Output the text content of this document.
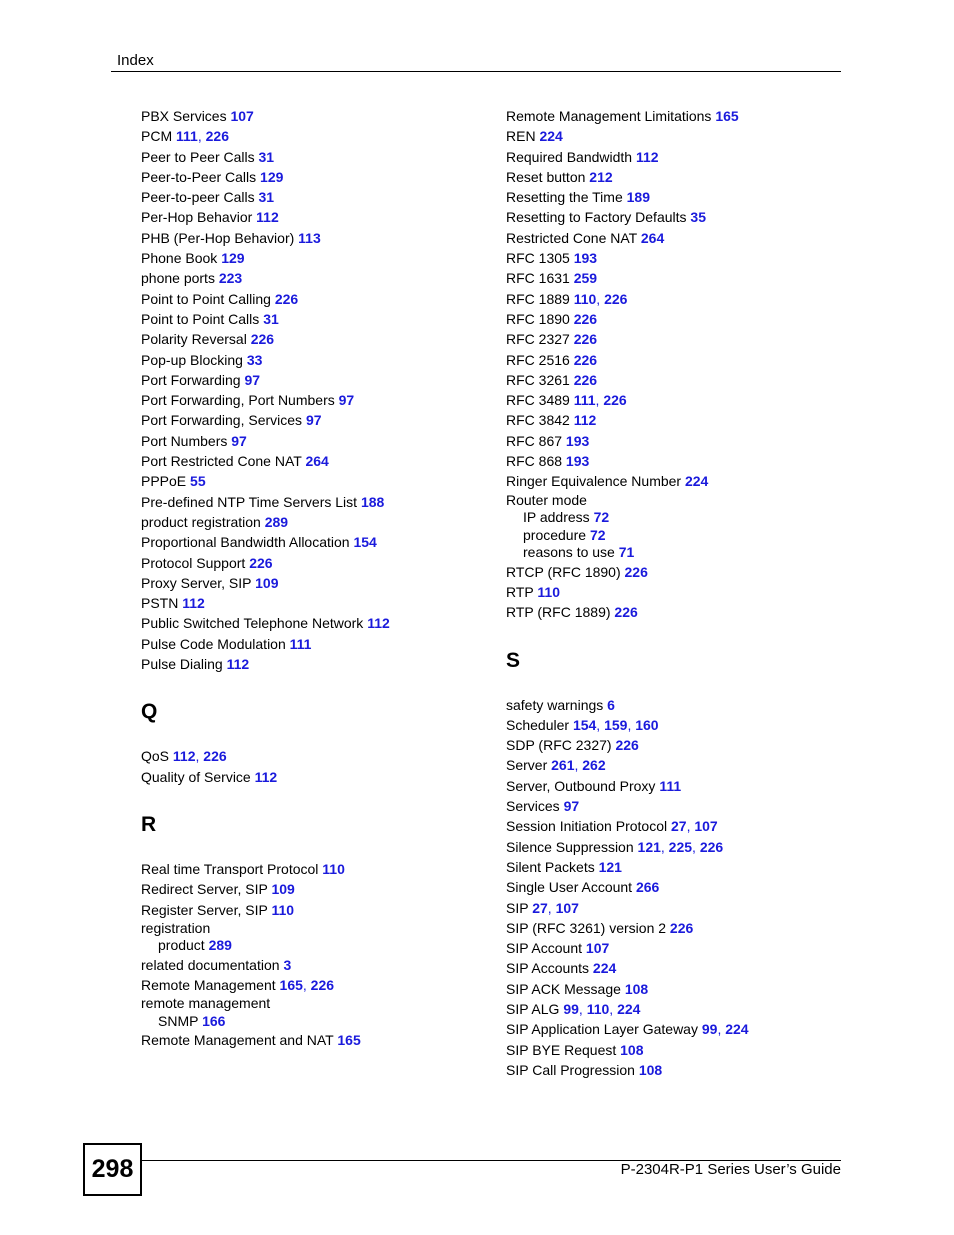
Index
PBX Services 107
PCM 111, 226
Peer to Peer Calls 31
Peer-to-Peer Calls 129
Peer-to-peer Calls 31
Per-Hop Behavior 112
PHB (Per-Hop Behavior) 113
Phone Book 129
phone ports 223
Point to Point Calling 226
Point to Point Calls 31
Polarity Reversal 226
Pop-up Blocking 33
Port Forwarding 97
Port Forwarding, Port Numbers 97
Port Forwarding, Services 97
Port Numbers 97
Port Restricted Cone NAT 264
PPPoE 55
Pre-defined NTP Time Servers List 188
product registration 289
Proportional Bandwidth Allocation 154
Protocol Support 226
Proxy Server, SIP 109
PSTN 112
Public Switched Telephone Network 112
Pulse Code Modulation 111
Pulse Dialing 112
Q
QoS 112, 226
Quality of Service 112
R
Real time Transport Protocol 110
Redirect Server, SIP 109
Register Server, SIP 110
registration
product 289
related documentation 3
Remote Management 165, 226
remote management
SNMP 166
Remote Management and NAT 165
Remote Management Limitations 165
REN 224
Required Bandwidth 112
Reset button 212
Resetting the Time 189
Resetting to Factory Defaults 35
Restricted Cone NAT 264
RFC 1305 193
RFC 1631 259
RFC 1889 110, 226
RFC 1890 226
RFC 2327 226
RFC 2516 226
RFC 3261 226
RFC 3489 111, 226
RFC 3842 112
RFC 867 193
RFC 868 193
Ringer Equivalence Number 224
Router mode
IP address 72
procedure 72
reasons to use 71
RTCP (RFC 1890) 226
RTP 110
RTP (RFC 1889) 226
S
safety warnings 6
Scheduler 154, 159, 160
SDP (RFC 2327) 226
Server 261, 262
Server, Outbound Proxy 111
Services 97
Session Initiation Protocol 27, 107
Silence Suppression 121, 225, 226
Silent Packets 121
Single User Account 266
SIP 27, 107
SIP (RFC 3261) version 2 226
SIP Account 107
SIP Accounts 224
SIP ACK Message 108
SIP ALG 99, 110, 224
SIP Application Layer Gateway 99, 224
SIP BYE Request 108
SIP Call Progression 108
298	P-2304R-P1 Series User’s Guide
